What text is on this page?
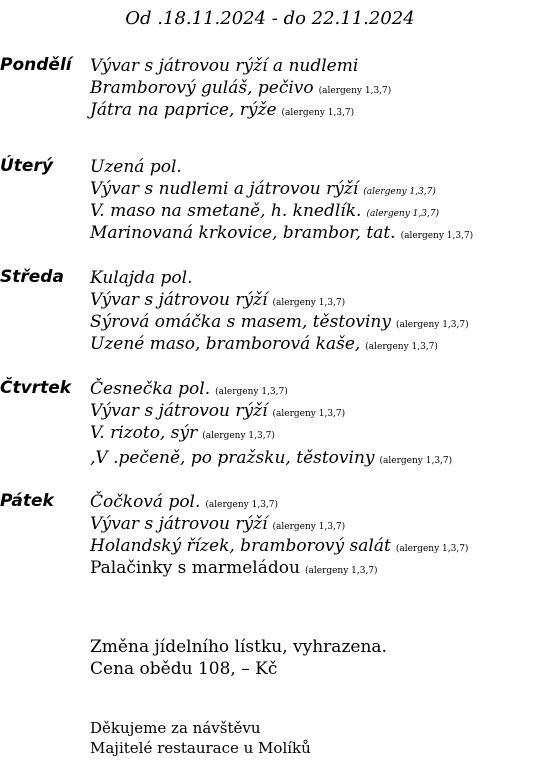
Od .18.11.2024 - do 22.11.2024
Pondělí Vývar s játrovou rýží a nudlemi
Bramborový guláš, pečivo (alergeny 1,3,7)
Játra na paprice, rýže (alergeny 1,3,7)
Úterý Uzená pol.
Vývar s nudlemi a játrovou rýží (alergeny 1,3,7)
V. maso na smetaně, h. knedlík. (alergeny 1,3,7)
Marinovaná krkovice, brambor, tat. (alergeny 1,3,7)
Středa Kulajda pol.
Vývar s játrovou rýží (alergeny 1,3,7)
Sýrová omáčka s masem, těstoviny (alergeny 1,3,7)
Uzené maso, bramborová kaše, (alergeny 1,3,7)
Čtvrtek Česnečka pol. (alergeny 1,3,7)
Vývar s játrovou rýží (alergeny 1,3,7)
V. rizoto, sýr (alergeny 1,3,7)
‚V .pečeně, po pražsku, těstoviny (alergeny 1,3,7)
Pátek Čočková pol. (alergeny 1,3,7)
Vývar s játrovou rýží (alergeny 1,3,7)
Holandský řízek, bramborový salát (alergeny 1,3,7)
Palačinky s marmeládou (alergeny 1,3,7)
Změna jídelního lístku, vyhrazena.
Cena obědu 108, – Kč
Děkujeme za návštěvu
Majitelé restaurace u Molíků
